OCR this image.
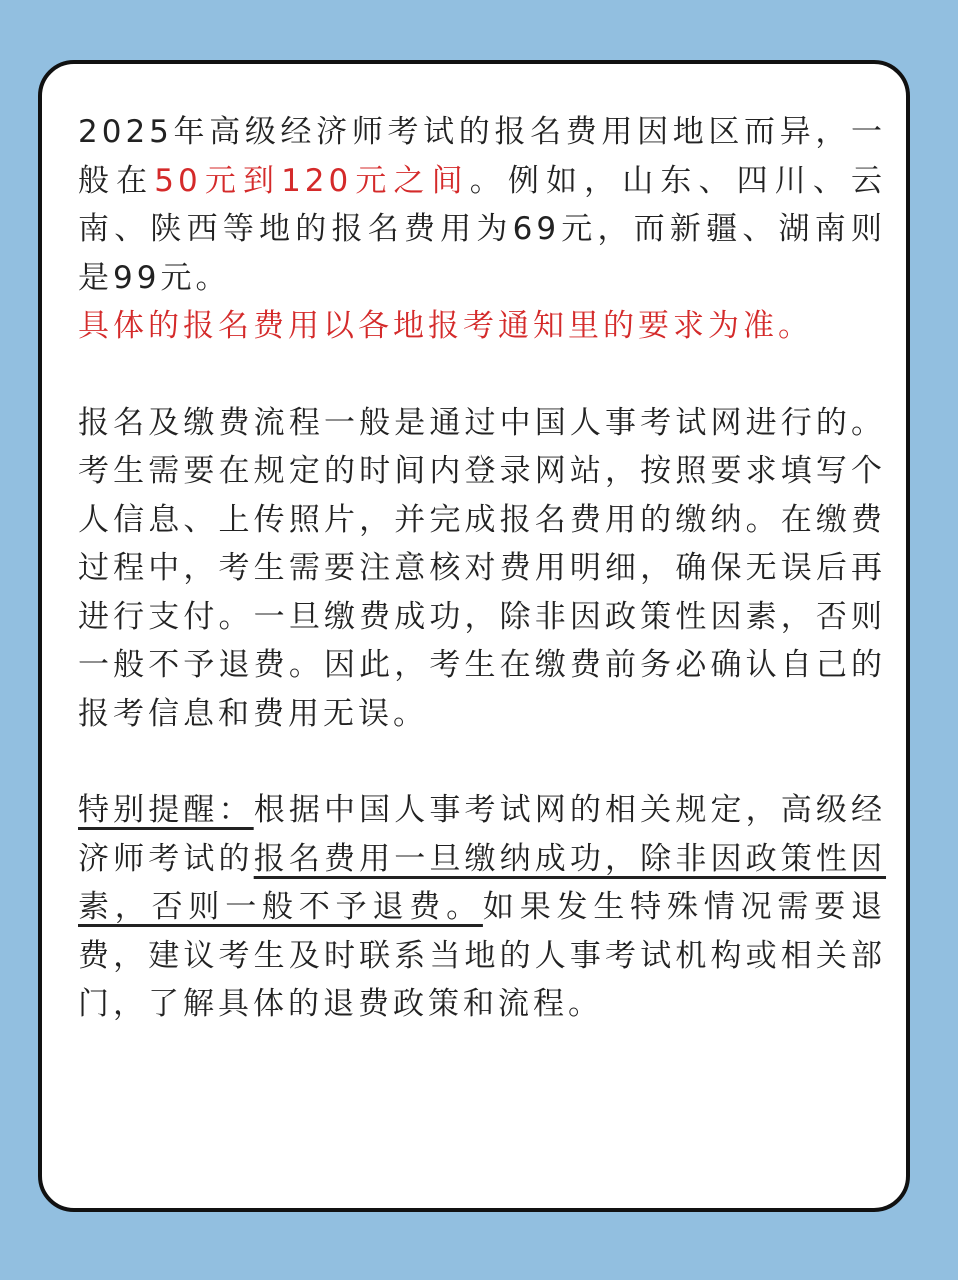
2025年高级经济师考试的报名费用因地区而异，一般在50元到120元之间。例如，山东、四川、云南、陕西等地的报名费用为69元，而新疆、湖南则是99元。

具体的报名费用以各地报考通知里的要求为准。

报名及缴费流程一般是通过中国人事考试网进行的。考生需要在规定的时间内登录网站，按照要求填写个人信息、上传照片，并完成报名费用的缴纳。在缴费过程中，考生需要注意核对费用明细，确保无误后再进行支付。一旦缴费成功，除非因政策性因素，否则一般不予退费。因此，考生在缴费前务必确认自己的报考信息和费用无误。

特别提醒：根据中国人事考试网的相关规定，高级经济师考试的报名费用一旦缴纳成功，除非因政策性因素，否则一般不予退费。如果发生特殊情况需要退费，建议考生及时联系当地的人事考试机构或相关部门，了解具体的退费政策和流程。
